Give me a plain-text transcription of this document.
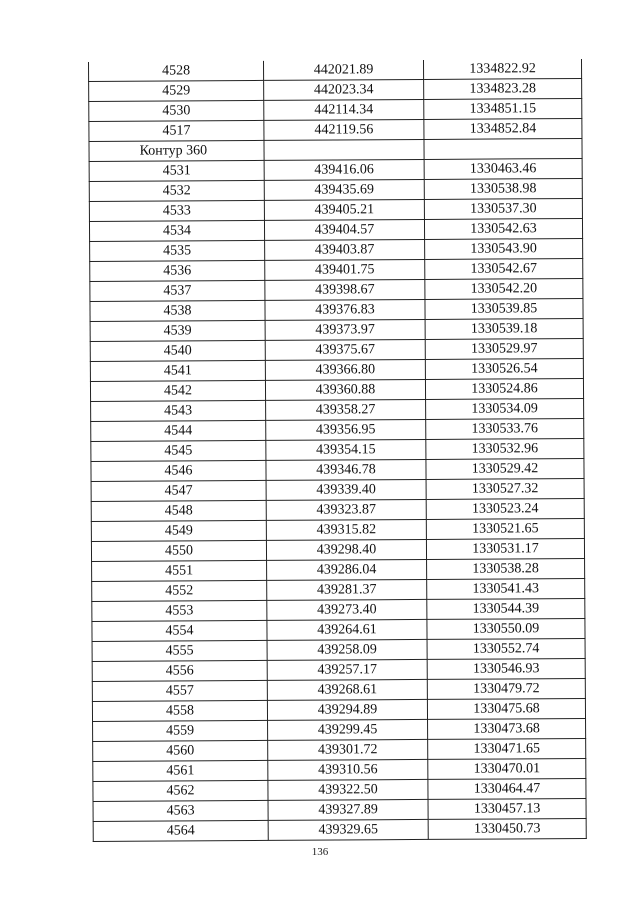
4528	442021.89	1334822.92
4529	442023.34	1334823.28
4530	442114.34	1334851.15
4517	442119.56	1334852.84
Контур 360		
4531	439416.06	1330463.46
4532	439435.69	1330538.98
4533	439405.21	1330537.30
4534	439404.57	1330542.63
4535	439403.87	1330543.90
4536	439401.75	1330542.67
4537	439398.67	1330542.20
4538	439376.83	1330539.85
4539	439373.97	1330539.18
4540	439375.67	1330529.97
4541	439366.80	1330526.54
4542	439360.88	1330524.86
4543	439358.27	1330534.09
4544	439356.95	1330533.76
4545	439354.15	1330532.96
4546	439346.78	1330529.42
4547	439339.40	1330527.32
4548	439323.87	1330523.24
4549	439315.82	1330521.65
4550	439298.40	1330531.17
4551	439286.04	1330538.28
4552	439281.37	1330541.43
4553	439273.40	1330544.39
4554	439264.61	1330550.09
4555	439258.09	1330552.74
4556	439257.17	1330546.93
4557	439268.61	1330479.72
4558	439294.89	1330475.68
4559	439299.45	1330473.68
4560	439301.72	1330471.65
4561	439310.56	1330470.01
4562	439322.50	1330464.47
4563	439327.89	1330457.13
4564	439329.65	1330450.73
136
